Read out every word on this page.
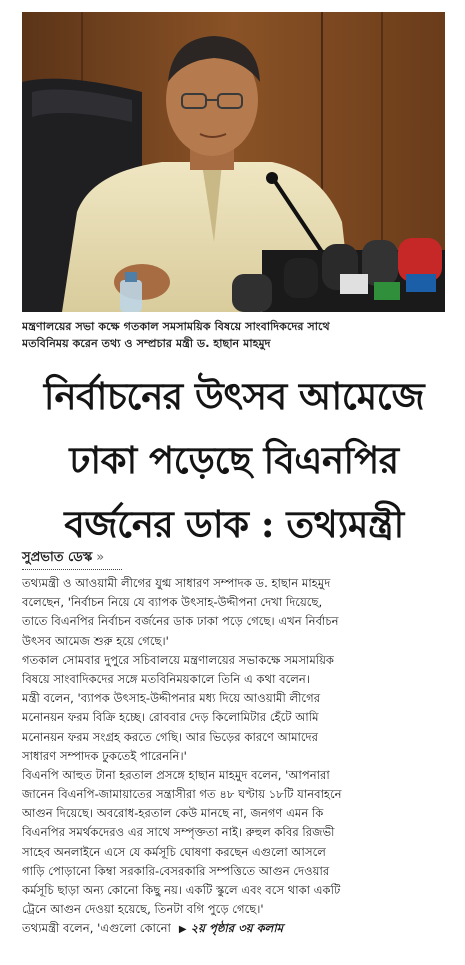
মন্ত্রণালয়ের সভা কক্ষে গতকাল সমসাময়িক বিষয়ে সাংবাদিকদের সাথে
মতবিনিময় করেন তথ্য ও সম্প্রচার মন্ত্রী ড. হাছান মাহমুদ
নির্বাচনের উৎসব আমেজে
ঢাকা পড়েছে বিএনপির
বর্জনের ডাক : তথ্যমন্ত্রী
সুপ্রভাত ডেস্ক »
তথ্যমন্ত্রী ও আওয়ামী লীগের যুগ্ম সাধারণ সম্পাদক ড. হাছান মাহমুদ
বলেছেন, 'নির্বাচন নিয়ে যে ব্যাপক উৎসাহ-উদ্দীপনা দেখা দিয়েছে,
তাতে বিএনপির নির্বাচন বর্জনের ডাক ঢাকা পড়ে গেছে। এখন নির্বাচন
উৎসব আমেজ শুরু হয়ে গেছে।'
গতকাল সোমবার দুপুরে সচিবালয়ে মন্ত্রণালয়ের সভাকক্ষে সমসাময়িক
বিষয়ে সাংবাদিকদের সঙ্গে মতবিনিময়কালে তিনি এ কথা বলেন।
মন্ত্রী বলেন, 'ব্যাপক উৎসাহ-উদ্দীপনার মধ্য দিয়ে আওয়ামী লীগের
মনোনয়ন ফরম বিক্রি হচ্ছে। রোববার দেড় কিলোমিটার হেঁটে আমি
মনোনয়ন ফরম সংগ্রহ করতে গেছি। আর ভিড়ের কারণে আমাদের
সাধারণ সম্পাদক ঢুকতেই পারেননি।'
বিএনপি আহুত টানা হরতাল প্রসঙ্গে হাছান মাহমুদ বলেন, 'আপনারা
জানেন বিএনপি-জামায়াতের সন্ত্রাসীরা গত ৪৮ ঘণ্টায় ১৮টি যানবাহনে
আগুন দিয়েছে। অবরোধ-হরতাল কেউ মানছে না, জনগণ এমন কি
বিএনপির সমর্থকদেরও এর সাথে সম্পৃক্ততা নাই। রুহুল কবির রিজভী
সাহেব অনলাইনে এসে যে কর্মসূচি ঘোষণা করছেন এগুলো আসলে
গাড়ি পোড়ানো কিম্বা সরকারি-বেসরকারি সম্পত্তিতে আগুন দেওয়ার
কর্মসূচি ছাড়া অন্য কোনো কিছু নয়। একটি স্কুলে এবং বসে থাকা একটি
ট্রেনে আগুন দেওয়া হয়েছে, তিনটা বগি পুড়ে গেছে।'
তথ্যমন্ত্রী বলেন, 'এগুলো কোনো ▶ ২য় পৃষ্ঠার ৩য় কলাম
